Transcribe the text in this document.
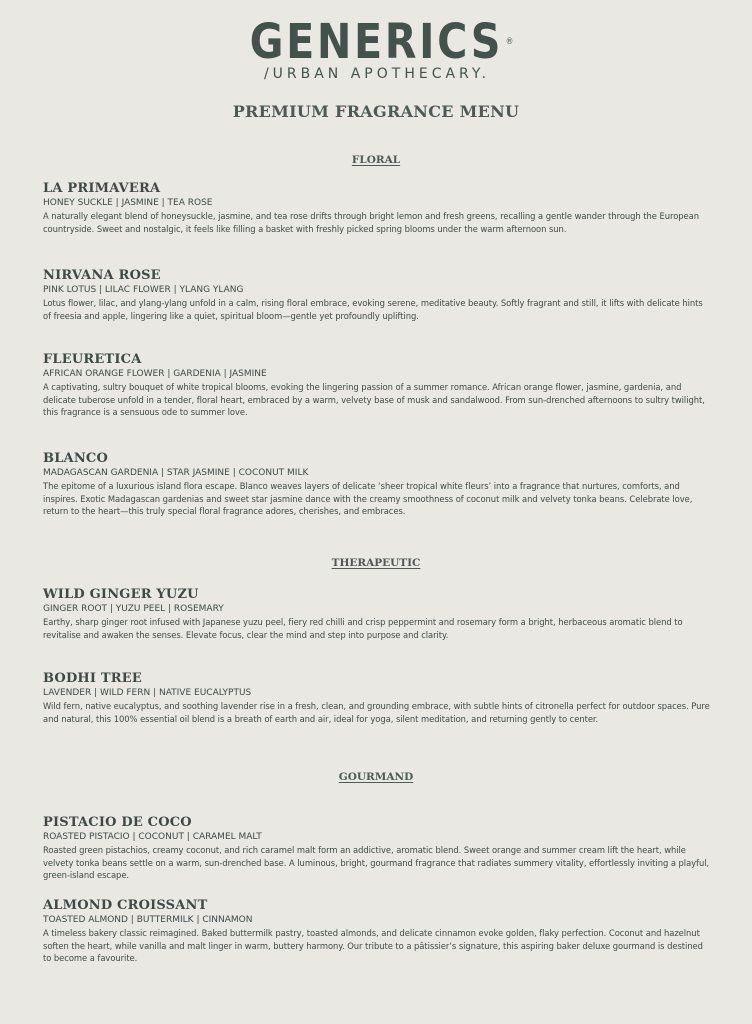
GENERICS ®
/URBAN APOTHECARY.
PREMIUM FRAGRANCE MENU
FLORAL
LA PRIMAVERA
HONEY SUCKLE | JASMINE | TEA ROSE
A naturally elegant blend of honeysuckle, jasmine, and tea rose drifts through bright lemon and fresh greens, recalling a gentle wander through the European countryside. Sweet and nostalgic, it feels like filling a basket with freshly picked spring blooms under the warm afternoon sun.
NIRVANA ROSE
PINK LOTUS | LILAC FLOWER | YLANG YLANG
Lotus flower, lilac, and ylang-ylang unfold in a calm, rising floral embrace, evoking serene, meditative beauty. Softly fragrant and still, it lifts with delicate hints of freesia and apple, lingering like a quiet, spiritual bloom—gentle yet profoundly uplifting.
FLEURETICA
AFRICAN ORANGE FLOWER | GARDENIA | JASMINE
A captivating, sultry bouquet of white tropical blooms, evoking the lingering passion of a summer romance. African orange flower, jasmine, gardenia, and delicate tuberose unfold in a tender, floral heart, embraced by a warm, velvety base of musk and sandalwood. From sun-drenched afternoons to sultry twilight, this fragrance is a sensuous ode to summer love.
BLANCO
MADAGASCAN GARDENIA | STAR JASMINE | COCONUT MILK
The epitome of a luxurious island flora escape. Blanco weaves layers of delicate ‘sheer tropical white fleurs’ into a fragrance that nurtures, comforts, and inspires. Exotic Madagascan gardenias and sweet star jasmine dance with the creamy smoothness of coconut milk and velvety tonka beans. Celebrate love, return to the heart—this truly special floral fragrance adores, cherishes, and embraces.
THERAPEUTIC
WILD GINGER YUZU
GINGER ROOT | YUZU PEEL | ROSEMARY
Earthy, sharp ginger root infused with Japanese yuzu peel, fiery red chilli and crisp peppermint and rosemary form a bright, herbaceous aromatic blend to revitalise and awaken the senses. Elevate focus, clear the mind and step into purpose and clarity.
BODHI TREE
LAVENDER | WILD FERN | NATIVE EUCALYPTUS
Wild fern, native eucalyptus, and soothing lavender rise in a fresh, clean, and grounding embrace, with subtle hints of citronella perfect for outdoor spaces. Pure and natural, this 100% essential oil blend is a breath of earth and air, ideal for yoga, silent meditation, and returning gently to center.
GOURMAND
PISTACIO DE COCO
ROASTED PISTACIO | COCONUT | CARAMEL MALT
Roasted green pistachios, creamy coconut, and rich caramel malt form an addictive, aromatic blend. Sweet orange and summer cream lift the heart, while velvety tonka beans settle on a warm, sun-drenched base. A luminous, bright, gourmand fragrance that radiates summery vitality, effortlessly inviting a playful, green-island escape.
ALMOND CROISSANT
TOASTED ALMOND | BUTTERMILK | CINNAMON
A timeless bakery classic reimagined. Baked buttermilk pastry, toasted almonds, and delicate cinnamon evoke golden, flaky perfection. Coconut and hazelnut soften the heart, while vanilla and malt linger in warm, buttery harmony. Our tribute to a pâtissier’s signature, this aspiring baker deluxe gourmand is destined to become a favourite.
